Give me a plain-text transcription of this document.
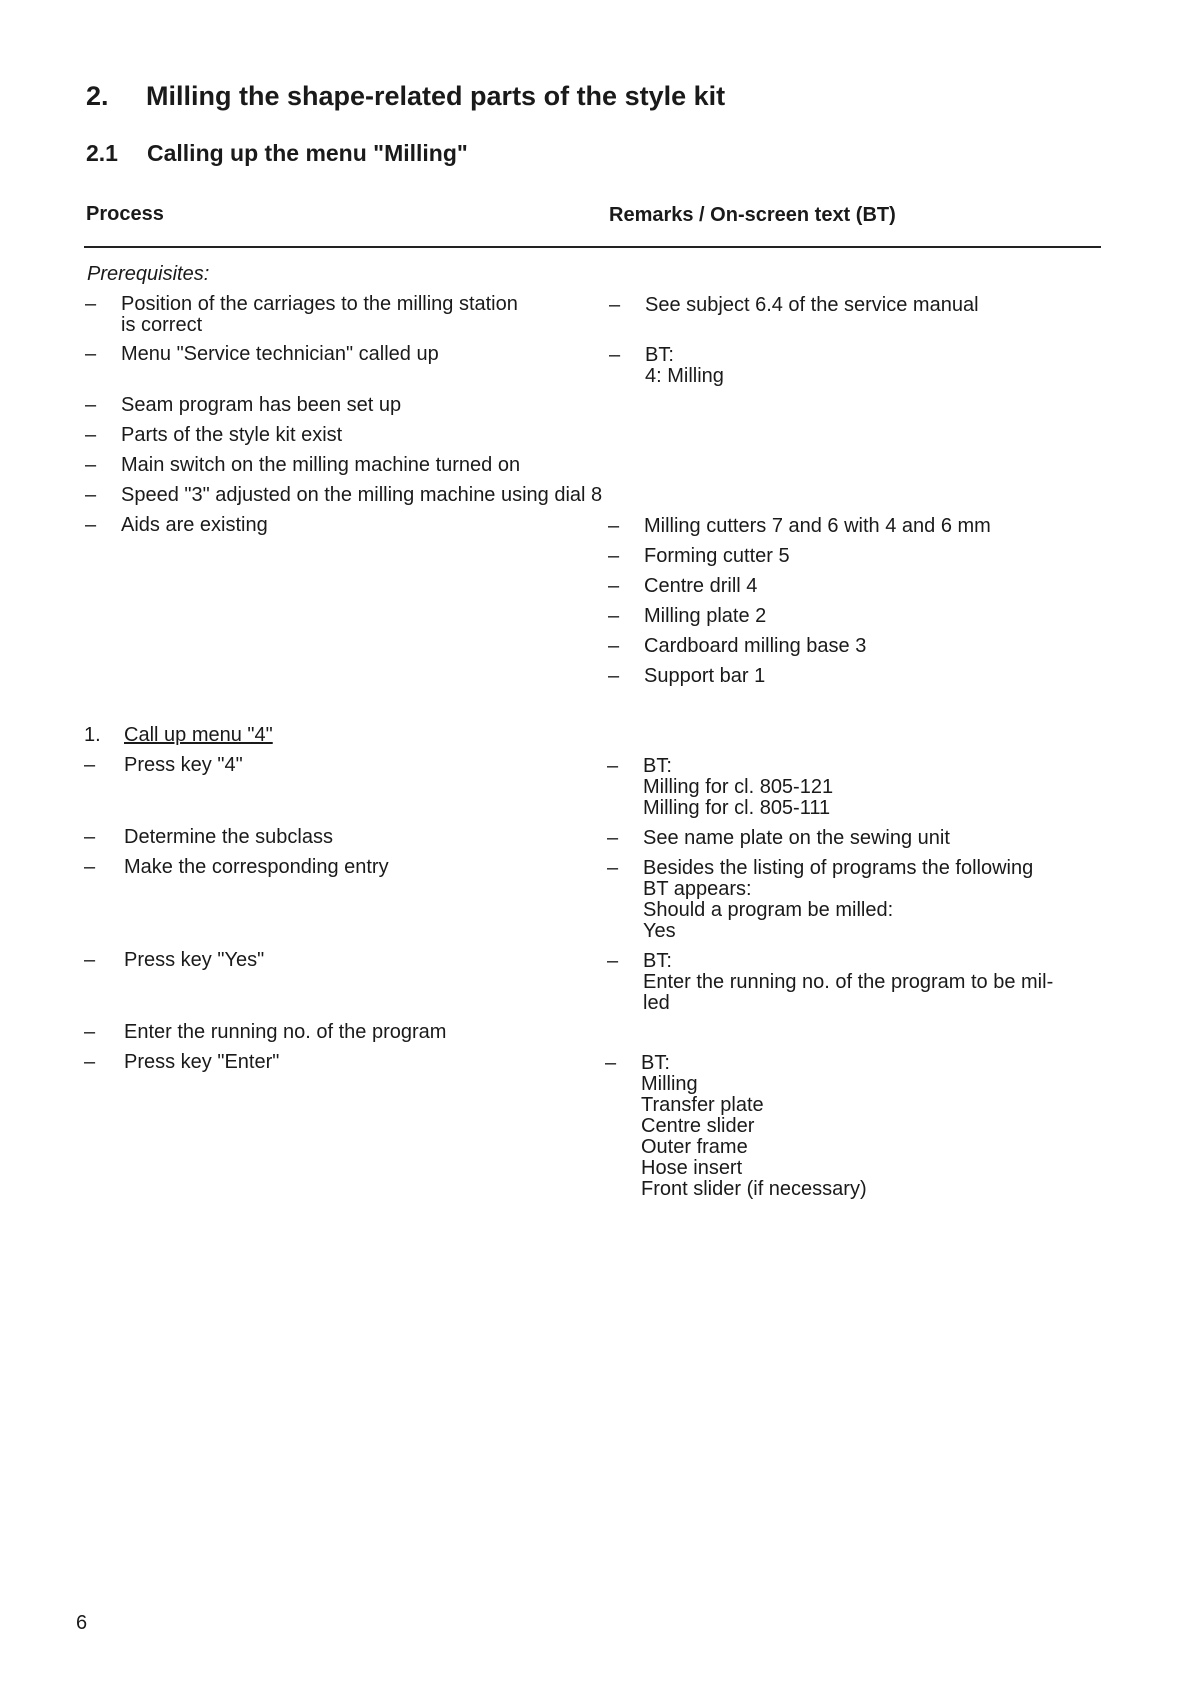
2. Milling the shape-related parts of the style kit
2.1 Calling up the menu "Milling"
Process	Remarks / On-screen text (BT)
Prerequisites:
– Position of the carriages to the milling station
is correct
– Menu "Service technician" called up
– Seam program has been set up
– Parts of the style kit exist
– Main switch on the milling machine turned on
– Speed "3" adjusted on the milling machine using dial 8
– Aids are existing
– See subject 6.4 of the service manual
– BT:
4: Milling
– Milling cutters 7 and 6 with 4 and 6 mm
– Forming cutter 5
– Centre drill 4
– Milling plate 2
– Cardboard milling base 3
– Support bar 1
1. Call up menu "4"
– Press key "4"
– Determine the subclass
– Make the corresponding entry
– Press key "Yes"
– Enter the running no. of the program
– Press key "Enter"
– BT:
Milling for cl. 805-121
Milling for cl. 805-111
– See name plate on the sewing unit
– Besides the listing of programs the following
BT appears:
Should a program be milled:
Yes
– BT:
Enter the running no. of the program to be mil-
led
– BT:
Milling
Transfer plate
Centre slider
Outer frame
Hose insert
Front slider (if necessary)
6
